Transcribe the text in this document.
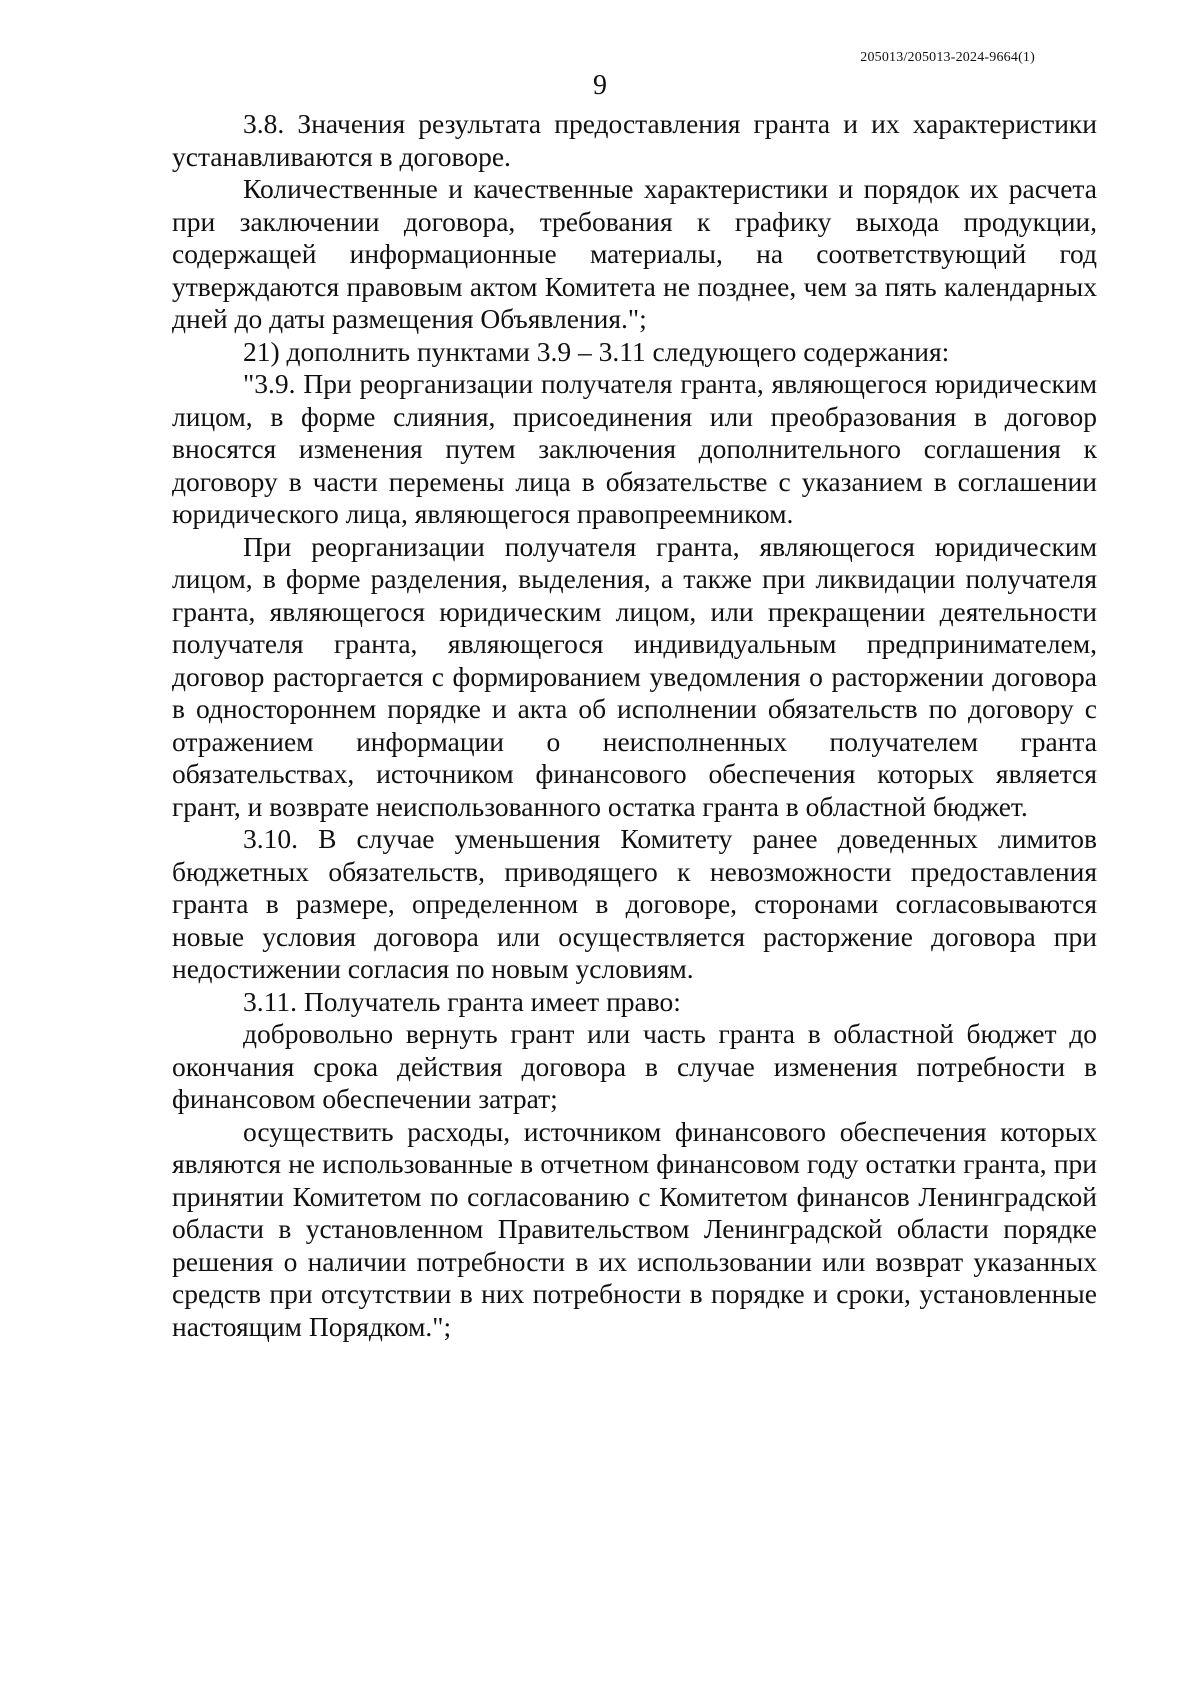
205013/205013-2024-9664(1)
9

3.8. Значения результата предоставления гранта и их характеристики устанавливаются в договоре.

Количественные и качественные характеристики и порядок их расчета при заключении договора, требования к графику выхода продукции, содержащей информационные материалы, на соответствующий год утверждаются правовым актом Комитета не позднее, чем за пять календарных дней до даты размещения Объявления.";

21) дополнить пунктами 3.9 – 3.11 следующего содержания:

"3.9. При реорганизации получателя гранта, являющегося юридическим лицом, в форме слияния, присоединения или преобразования в договор вносятся изменения путем заключения дополнительного соглашения к договору в части перемены лица в обязательстве с указанием в соглашении юридического лица, являющегося правопреемником.

При реорганизации получателя гранта, являющегося юридическим лицом, в форме разделения, выделения, а также при ликвидации получателя гранта, являющегося юридическим лицом, или прекращении деятельности получателя гранта, являющегося индивидуальным предпринимателем, договор расторгается с формированием уведомления о расторжении договора в одностороннем порядке и акта об исполнении обязательств по договору с отражением информации о неисполненных получателем гранта обязательствах, источником финансового обеспечения которых является грант, и возврате неиспользованного остатка гранта в областной бюджет.

3.10. В случае уменьшения Комитету ранее доведенных лимитов бюджетных обязательств, приводящего к невозможности предоставления гранта в размере, определенном в договоре, сторонами согласовываются новые условия договора или осуществляется расторжение договора при недостижении согласия по новым условиям.

3.11. Получатель гранта имеет право:

добровольно вернуть грант или часть гранта в областной бюджет до окончания срока действия договора в случае изменения потребности в финансовом обеспечении затрат;

осуществить расходы, источником финансового обеспечения которых являются не использованные в отчетном финансовом году остатки гранта, при принятии Комитетом по согласованию с Комитетом финансов Ленинградской области в установленном Правительством Ленинградской области порядке решения о наличии потребности в их использовании или возврат указанных средств при отсутствии в них потребности в порядке и сроки, установленные настоящим Порядком.";
